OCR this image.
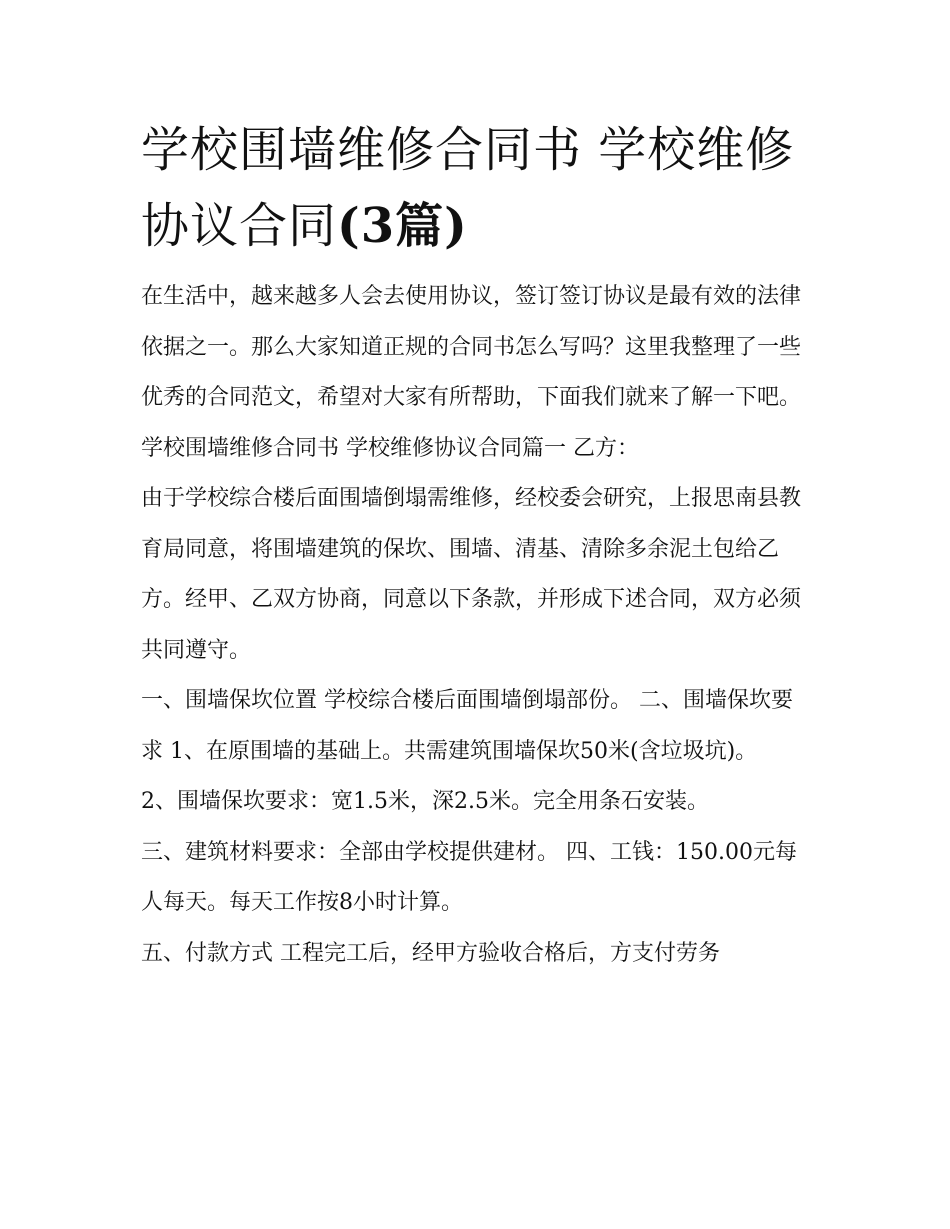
学校围墙维修合同书 学校维修协议合同(3篇)

在生活中，越来越多人会去使用协议，签订签订协议是最有效的法律依据之一。那么大家知道正规的合同书怎么写吗？这里我整理了一些优秀的合同范文，希望对大家有所帮助，下面我们就来了解一下吧。

学校围墙维修合同书 学校维修协议合同篇一 乙方：

由于学校综合楼后面围墙倒塌需维修，经校委会研究，上报思南县教育局同意，将围墙建筑的保坎、围墙、清基、清除多余泥土包给乙方。经甲、乙双方协商，同意以下条款，并形成下述合同，双方必须共同遵守。

一、围墙保坎位置 学校综合楼后面围墙倒塌部份。 二、围墙保坎要求 1、在原围墙的基础上。共需建筑围墙保坎50米(含垃圾坑)。

2、围墙保坎要求：宽1.5米，深2.5米。完全用条石安装。

三、建筑材料要求：全部由学校提供建材。 四、工钱：150.00元每人每天。每天工作按8小时计算。

五、付款方式 工程完工后，经甲方验收合格后，方支付劳务
